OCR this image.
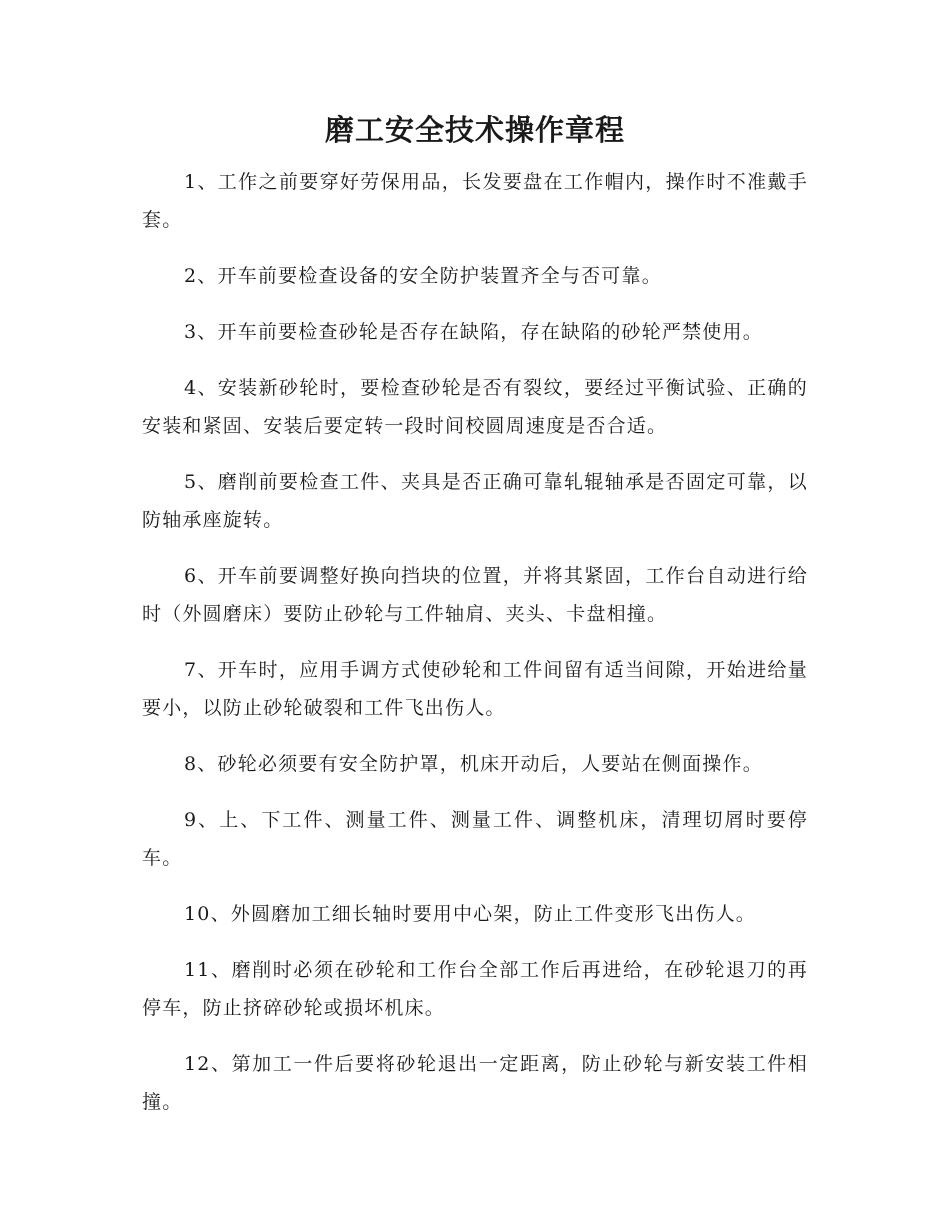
磨工安全技术操作章程

1、工作之前要穿好劳保用品，长发要盘在工作帽内，操作时不准戴手套。

2、开车前要检查设备的安全防护装置齐全与否可靠。

3、开车前要检查砂轮是否存在缺陷，存在缺陷的砂轮严禁使用。

4、安装新砂轮时，要检查砂轮是否有裂纹，要经过平衡试验、正确的安装和紧固、安装后要定转一段时间校圆周速度是否合适。

5、磨削前要检查工件、夹具是否正确可靠轧辊轴承是否固定可靠，以防轴承座旋转。

6、开车前要调整好换向挡块的位置，并将其紧固，工作台自动进行给时（外圆磨床）要防止砂轮与工件轴肩、夹头、卡盘相撞。

7、开车时，应用手调方式使砂轮和工件间留有适当间隙，开始进给量要小，以防止砂轮破裂和工件飞出伤人。

8、砂轮必须要有安全防护罩，机床开动后，人要站在侧面操作。

9、上、下工件、测量工件、测量工件、调整机床，清理切屑时要停车。

10、外圆磨加工细长轴时要用中心架，防止工件变形飞出伤人。

11、磨削时必须在砂轮和工作台全部工作后再进给，在砂轮退刀的再停车，防止挤碎砂轮或损坏机床。

12、第加工一件后要将砂轮退出一定距离，防止砂轮与新安装工件相撞。
